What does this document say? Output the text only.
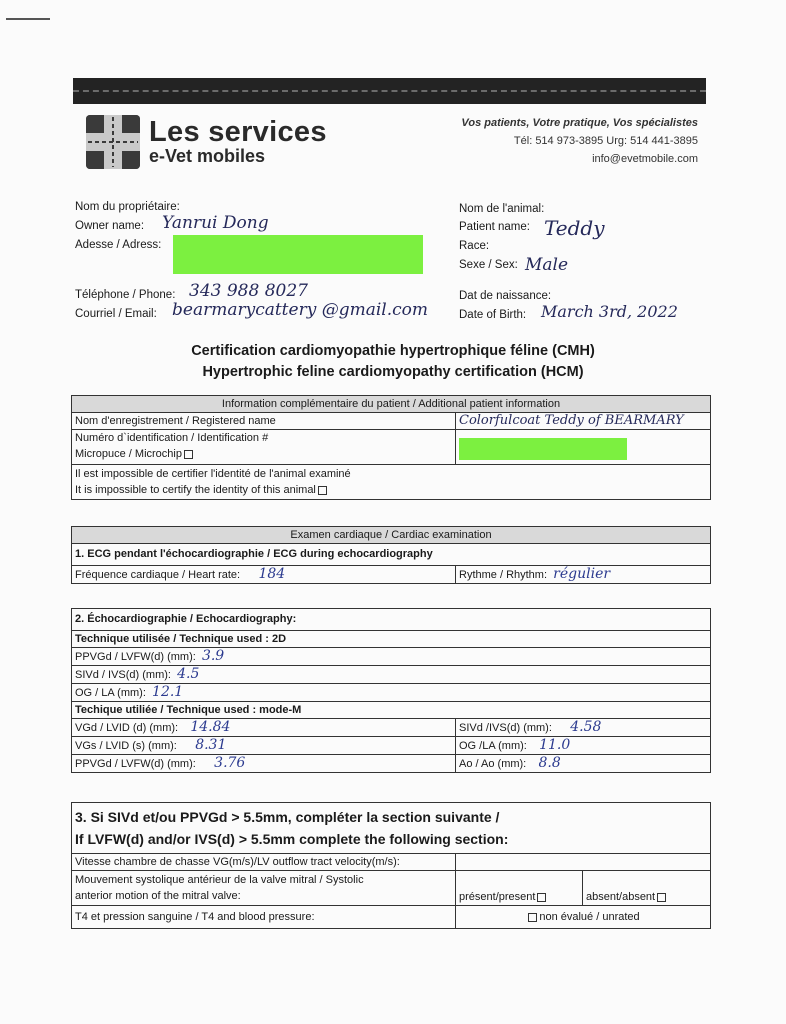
Les services
e-Vet mobiles
Vos patients, Votre pratique, Vos spécialistes
Tél: 514 973-3895 Urg: 514 441-3895
info@evetmobile.com
Nom du propriétaire:
Owner name: Yanrui Dong
Adesse / Adress:
Téléphone / Phone: 343 988 8027
Courriel / Email: bearmarycattery @gmail.com
Nom de l'animal:
Patient name: Teddy
Race:
Sexe / Sex: Male
Dat de naissance:
Date of Birth: March 3rd, 2022
Certification cardiomyopathie hypertrophique féline (CMH)
Hypertrophic feline cardiomyopathy certification (HCM)
Information complémentaire du patient / Additional patient information	
Nom d'enregistrement / Registered name	Colorfulcoat Teddy of BEARMARY

Numéro d`identification / Identification #
Micropuce / Microchip	

Il est impossible de certifier l'identité de l'animal examiné
It is impossible to certify the identity of this animal	
Examen cardiaque / Cardiac examination
1. ECG pendant l'échocardiographie / ECG during echocardiography
Fréquence cardiaque / Heart rate: 184	Rythme / Rhythm: régulier
2. Échocardiographie / Echocardiography:	
Technique utilisée / Technique used : 2D	
PPVGd / LVFW(d) (mm): 3.9	
SIVd / IVS(d) (mm): 4.5	
OG / LA (mm): 12.1	
Techique utiliée / Technique used : mode-M	
VGd / LVID (d) (mm): 14.84	SIVd /IVS(d) (mm): 4.58
VGs / LVID (s) (mm): 8.31	OG /LA (mm): 11.0
PPVGd / LVFW(d) (mm): 3.76	Ao / Ao (mm): 8.8
3. Si SIVd et/ou PPVGd > 5.5mm, compléter la section suivante /
If LVFW(d) and/or IVS(d) > 5.5mm complete the following section:		

Vitesse chambre de chasse VG(m/s)/LV outflow tract velocity(m/s):		

Mouvement systolique antérieur de la valve mitral / Systolic
anterior motion of the mitral valve:	présent/present	absent/absent
T4 et pression sanguine / T4 and blood pressure:	non évalué / unrated	
